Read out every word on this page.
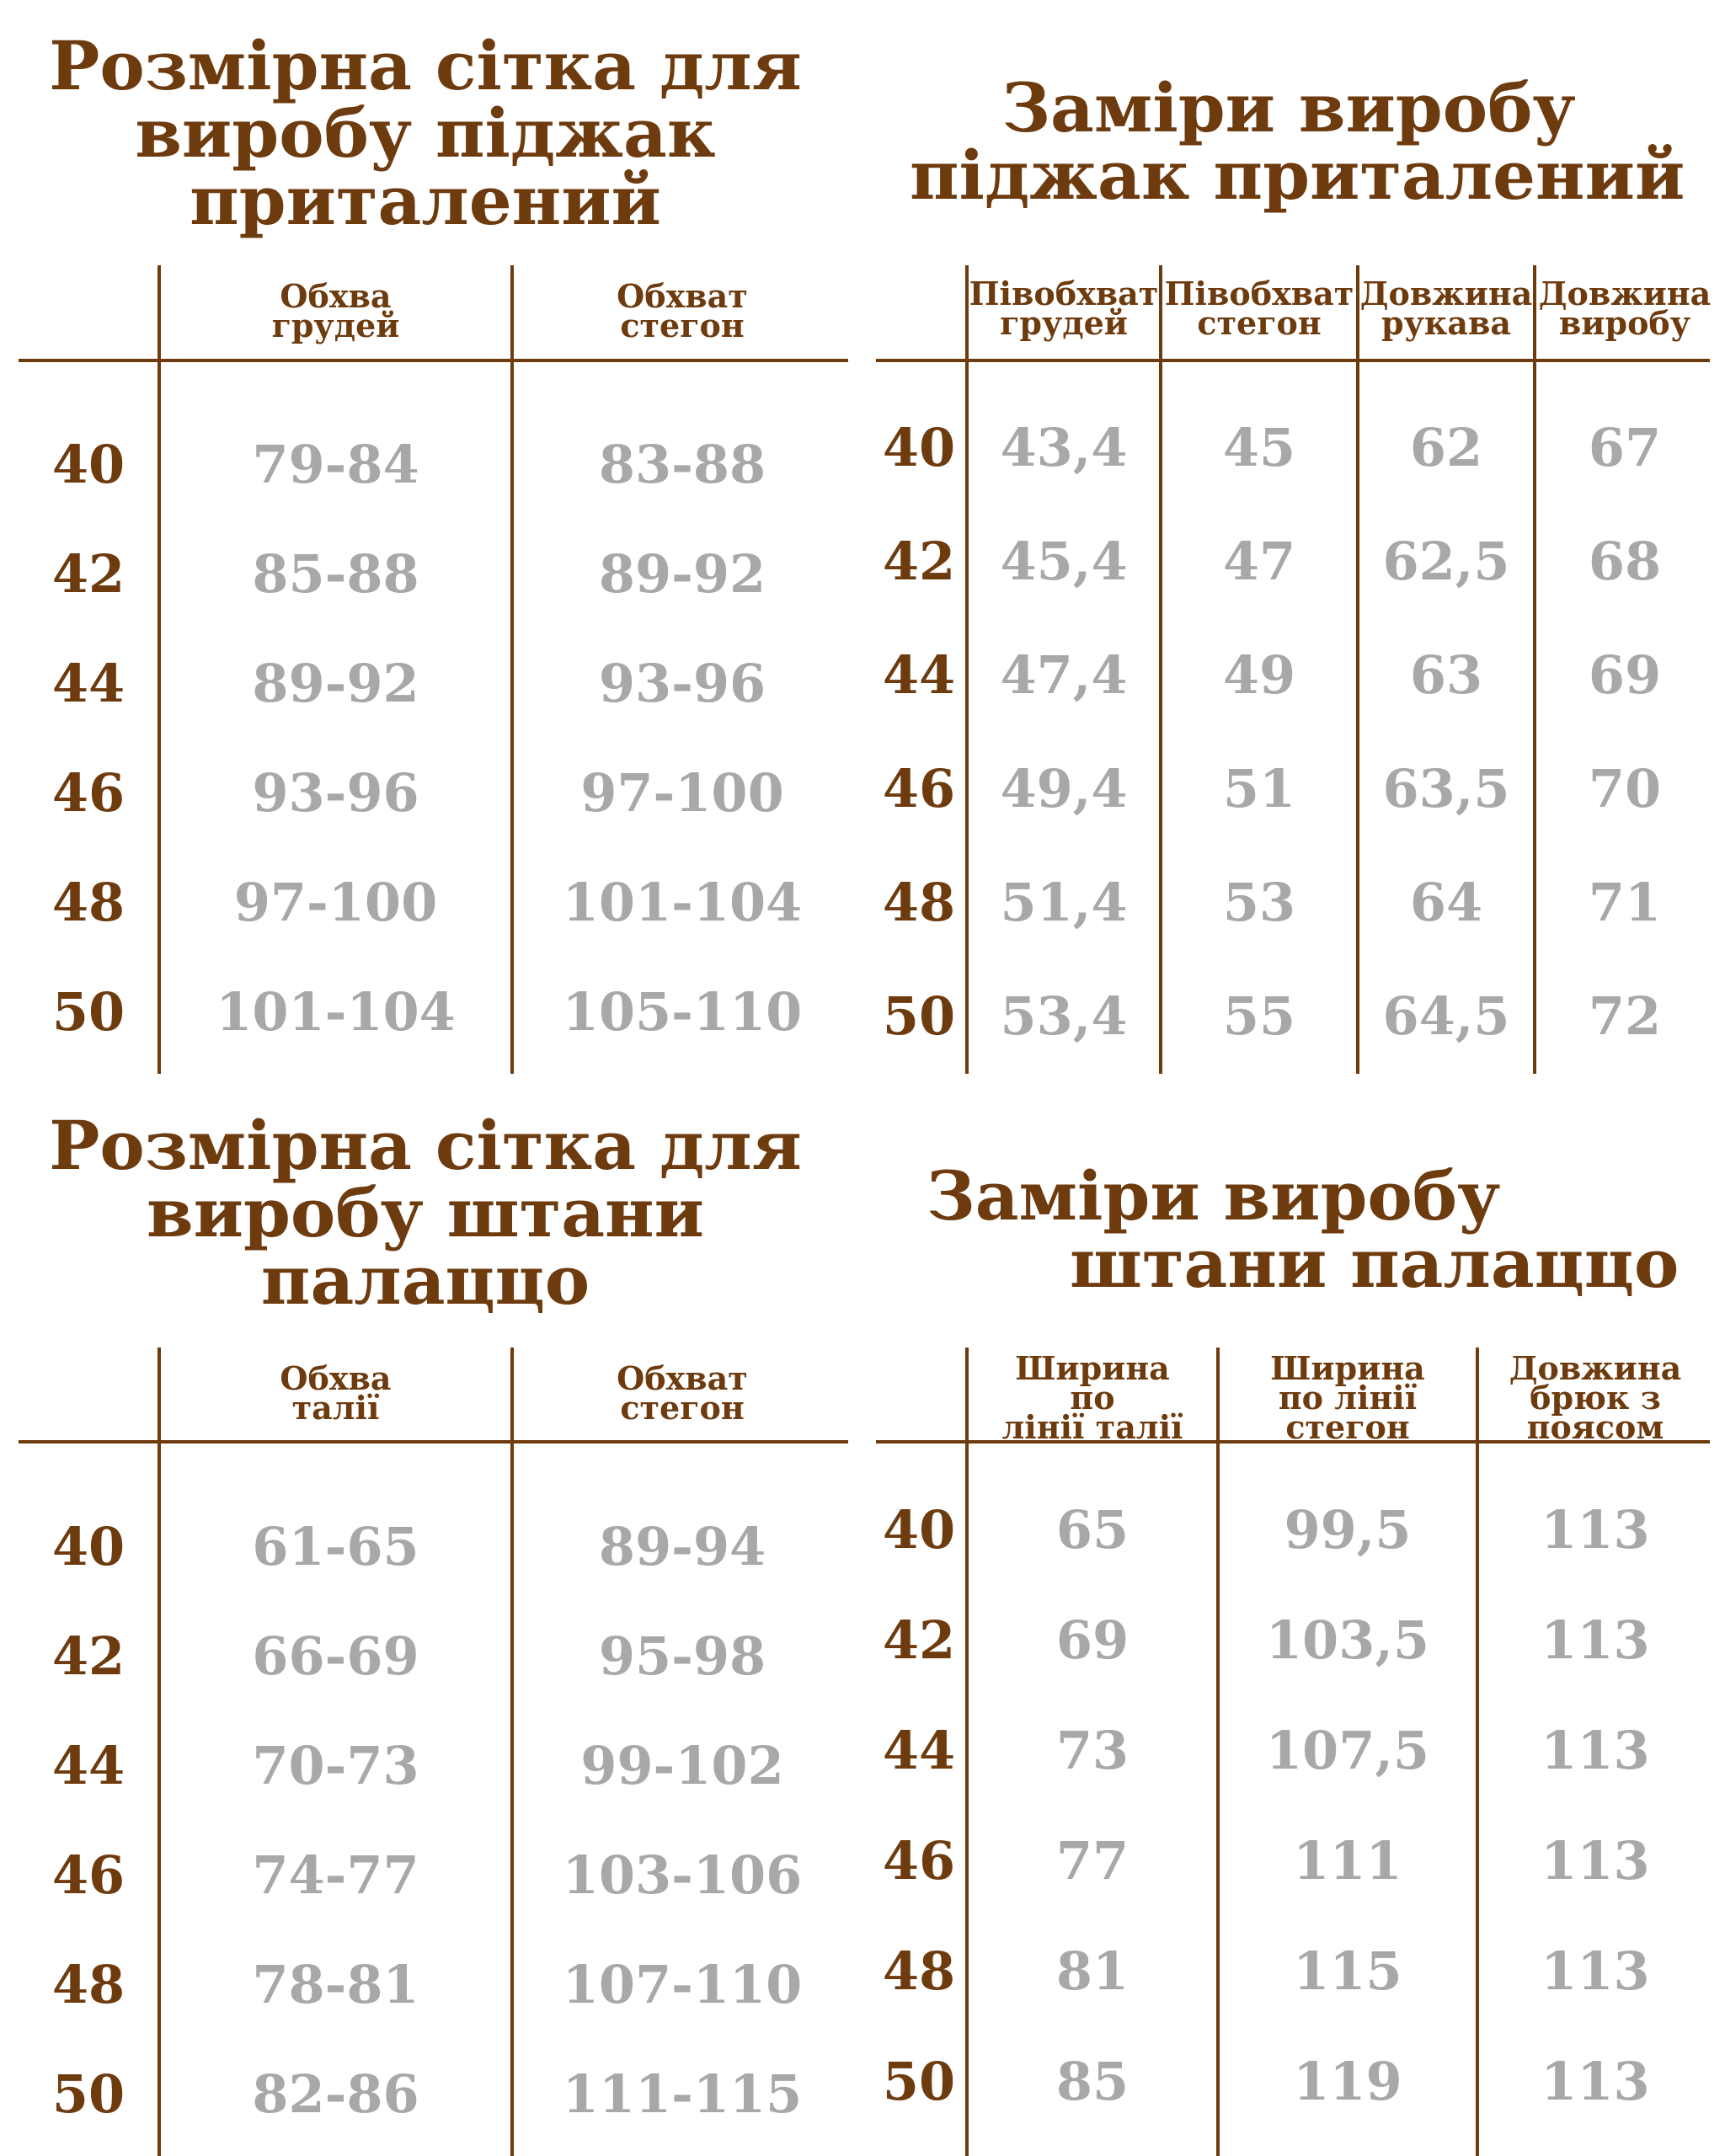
Розмірна сітка для
виробу піджак
приталений
Обхва
грудей
Обхват
стегон
40	79-84	83-88
42	85-88	89-92
44	89-92	93-96
46	93-96	97-100
48	97-100	101-104
50	101-104	105-110
Заміри виробу
піджак приталений
Півобхват
грудей
Півобхват
стегон
Довжина
рукава
Довжина
виробу
40 43,4	45	62	67
42 45,4	47	62,5	68
44 47,4	49	63	69
46 49,4	51	63,5	70
48 51,4	53	64	71
50 53,4	55	64,5	72
Розмірна сітка для
виробу штани
палаццо
Обхва
талії
Обхват
стегон
40	61-65	89-94
42	66-69	95-98
44	70-73	99-102
46	74-77	103-106
48	78-81	107-110
50	82-86	111-115
Заміри виробу
штани палаццо
Ширина
по
лінії талії
Ширина
по лінії
стегон
Довжина
брюк з
поясом
40	65	99,5	113
42	69	103,5	113
44	73	107,5	113
46	77	111	113
48	81	115	113
50	85	119	113
